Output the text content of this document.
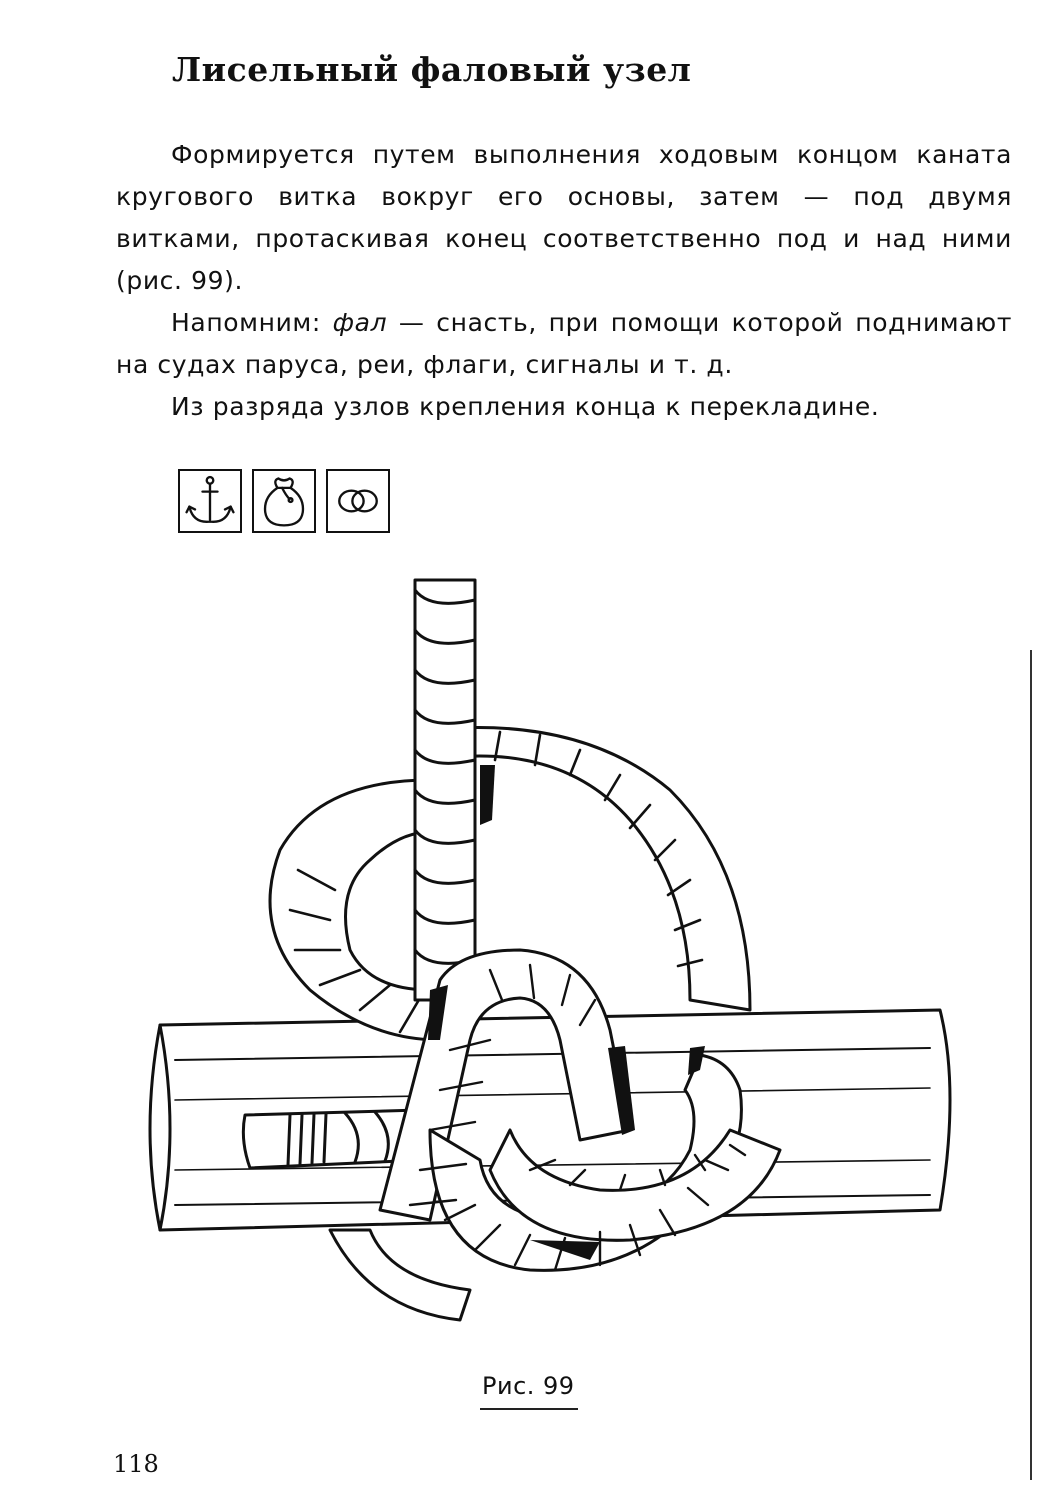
Лисельный фаловый узел

Формируется путем выполнения ходовым концом каната кругового витка вокруг его основы, затем — под двумя витками, протаскивая конец соответственно под и над ними (рис. 99).

Напомним: фал — снасть, при помощи которой поднимают на судах паруса, реи, флаги, сигналы и т. д.

Из разряда узлов крепления конца к перекладине.

Рис. 99

118
